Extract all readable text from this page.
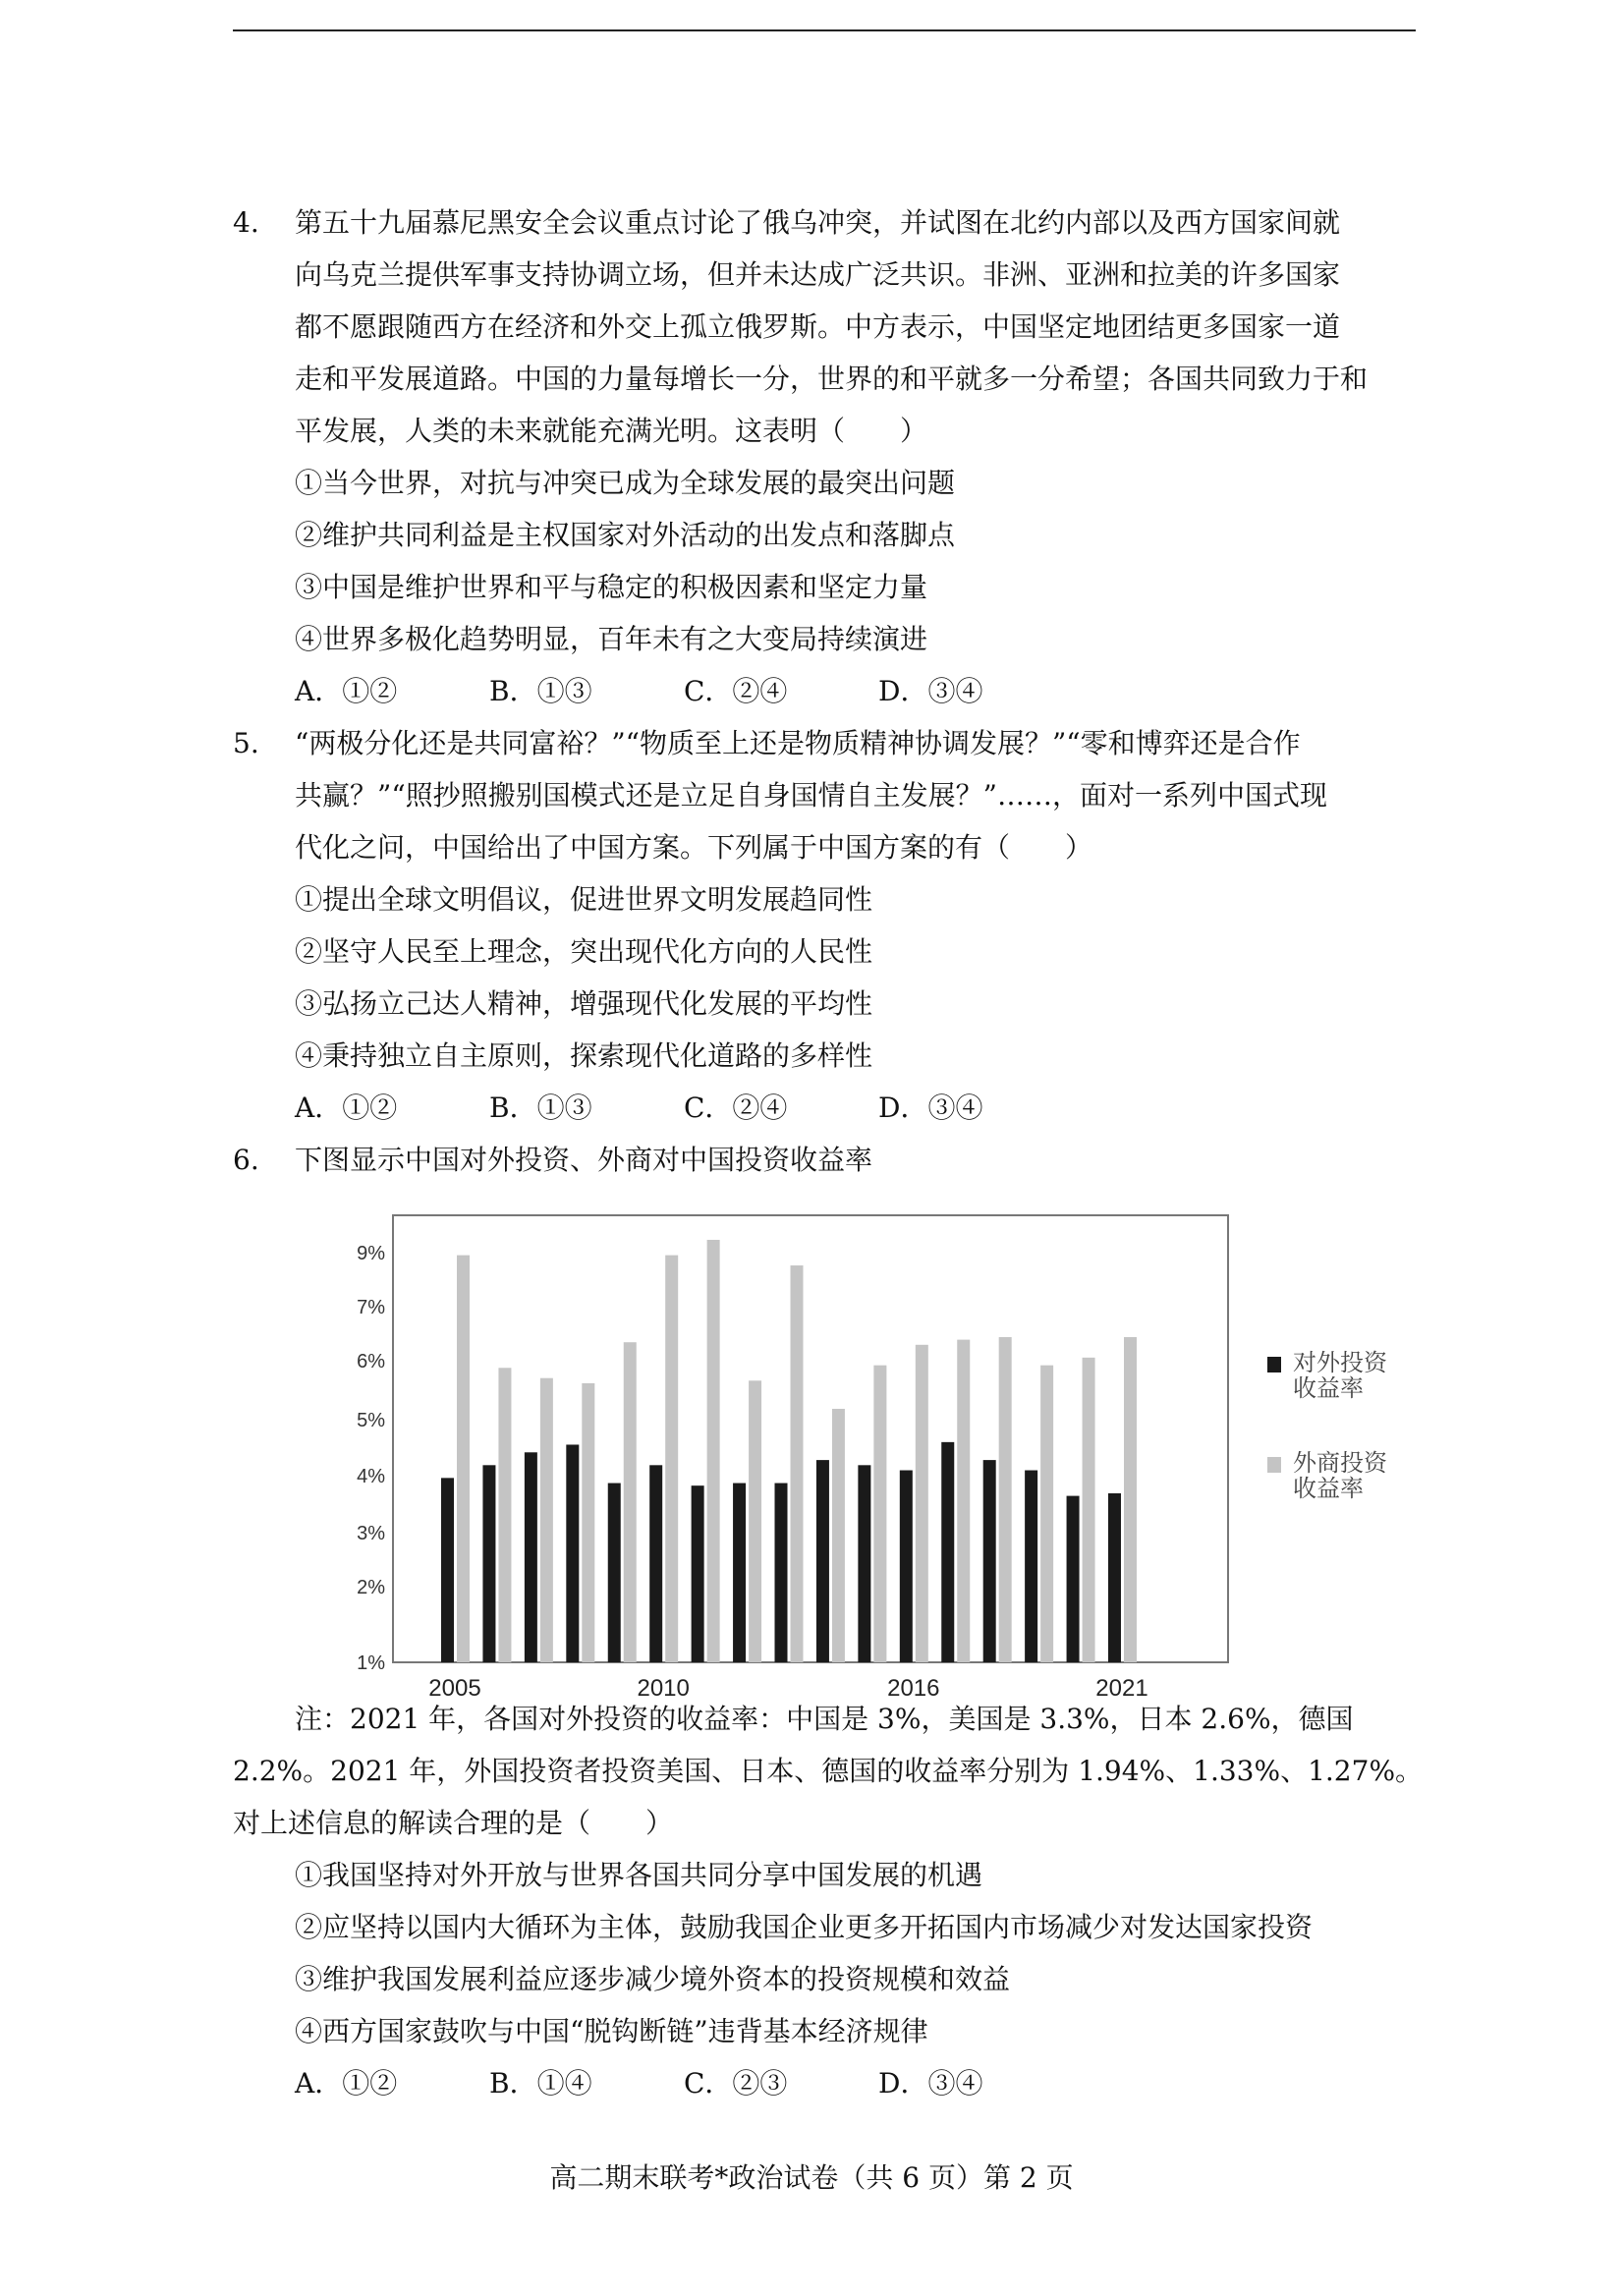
4. 第五十九届慕尼黑安全会议重点讨论了俄乌冲突，并试图在北约内部以及西方国家间就
向乌克兰提供军事支持协调立场，但并未达成广泛共识。非洲、亚洲和拉美的许多国家
都不愿跟随西方在经济和外交上孤立俄罗斯。中方表示，中国坚定地团结更多国家一道
走和平发展道路。中国的力量每增长一分，世界的和平就多一分希望；各国共同致力于和
平发展，人类的未来就能充满光明。这表明（　　）
①当今世界，对抗与冲突已成为全球发展的最突出问题
②维护共同利益是主权国家对外活动的出发点和落脚点
③中国是维护世界和平与稳定的积极因素和坚定力量
④世界多极化趋势明显，百年未有之大变局持续演进
A．①②	B．①③	C．②④	D．③④
5. “两极分化还是共同富裕？”“物质至上还是物质精神协调发展？”“零和博弈还是合作
共赢？”“照抄照搬别国模式还是立足自身国情自主发展？”……，面对一系列中国式现
代化之问，中国给出了中国方案。下列属于中国方案的有（　　）
①提出全球文明倡议，促进世界文明发展趋同性
②坚守人民至上理念，突出现代化方向的人民性
③弘扬立己达人精神，增强现代化发展的平均性
④秉持独立自主原则，探索现代化道路的多样性
A．①②	B．①③	C．②④	D．③④
6. 下图显示中国对外投资、外商对中国投资收益率
9%
7%
6%
5%
4%
3%
2%
1%
2005	2010	2016	2021
对外投资
收益率
外商投资
收益率
注：2021 年，各国对外投资的收益率：中国是 3%，美国是 3.3%，日本 2.6%，德国
2.2%。2021 年，外国投资者投资美国、日本、德国的收益率分别为 1.94%、1.33%、1.27%。
对上述信息的解读合理的是（　　）
①我国坚持对外开放与世界各国共同分享中国发展的机遇
②应坚持以国内大循环为主体，鼓励我国企业更多开拓国内市场减少对发达国家投资
③维护我国发展利益应逐步减少境外资本的投资规模和效益
④西方国家鼓吹与中国“脱钩断链”违背基本经济规律
A．①②	B．①④	C．②③	D．③④
高二期末联考*政治试卷（共 6 页）第 2 页
